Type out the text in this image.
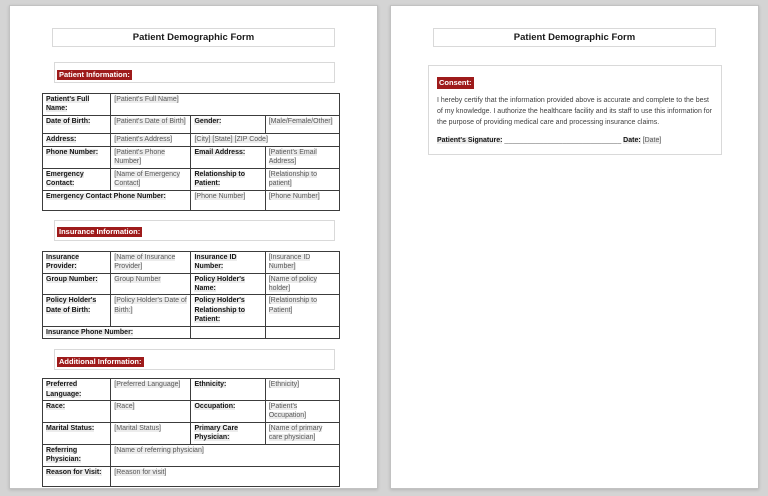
Patient Demographic Form
Patient Information:
Patient's Full Name:	[Patient's Full Name]		
Date of Birth:	[Patient's Date of Birth]	Gender:	[Male/Female/Other]
Address:	[Patient's Address]	[City] [State] [ZIP Code]	
Phone Number:	[Patient's Phone Number]	Email Address:	[Patient's Email Address]
Emergency Contact:	[Name of Emergency Contact]	Relationship to Patient:	[Relationship to patient]
Emergency Contact Phone Number:		[Phone Number]	[Phone Number]
Insurance Information:
Insurance Provider:	[Name of Insurance Provider]	Insurance ID Number:	[Insurance ID Number]
Group Number:	Group Number	Policy Holder's Name:	[Name of policy holder]
Policy Holder's Date of Birth:	[Policy Holder's Date of Birth:]	Policy Holder's Relationship to Patient:	[Relationship to Patient]
Insurance Phone Number:			
Additional Information:
Preferred Language:	[Preferred Language]	Ethnicity:	[Ethnicity]
Race:	[Race]	Occupation:	[Patient's Occupation]
Marital Status:	[Marital Status]	Primary Care Physician:	[Name of primary care physician]
Referring Physician:	[Name of referring physician]		
Reason for Visit:	[Reason for visit]		
Patient Demographic Form
Consent:
I hereby certify that the information provided above is accurate and complete to the best of my knowledge. I authorize the healthcare facility and its staff to use this information for the purpose of providing medical care and processing insurance claims.
Patient's Signature: ______________________________ Date: [Date]
